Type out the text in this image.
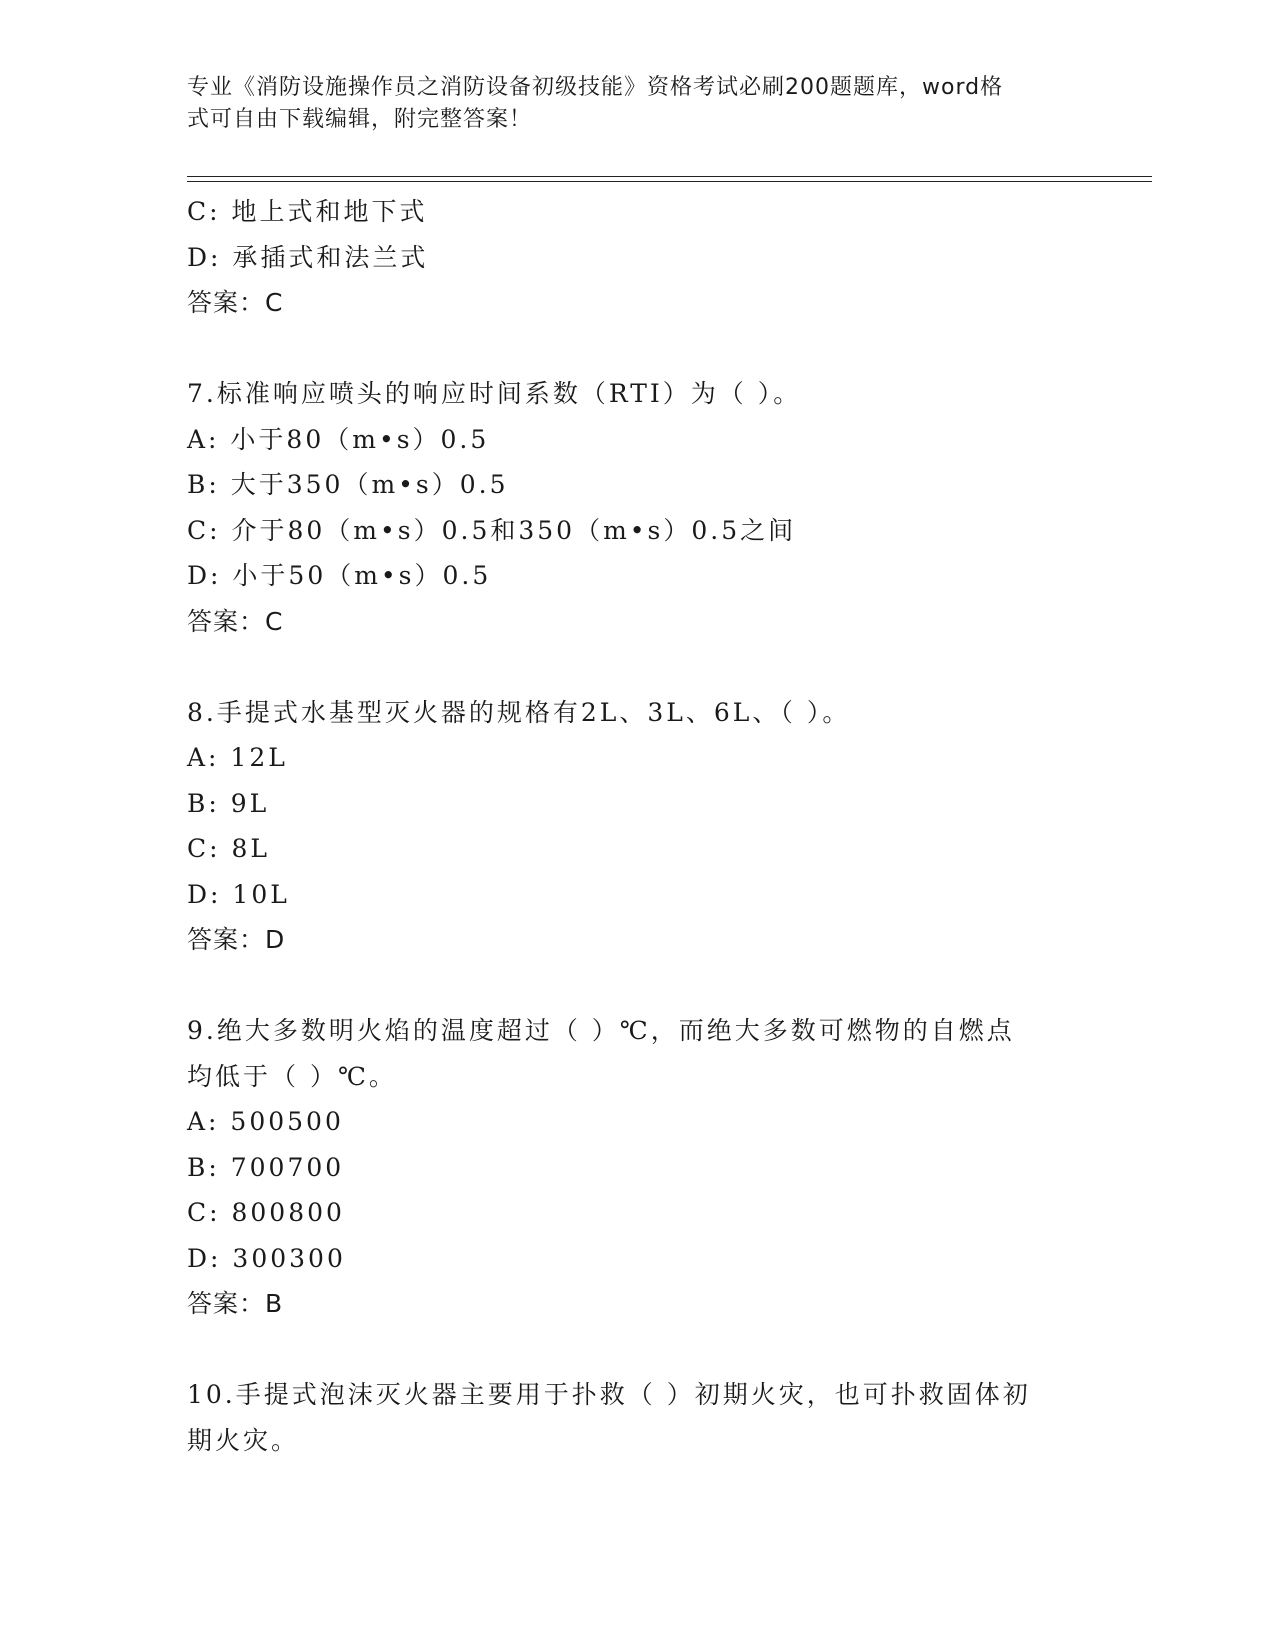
专业《消防设施操作员之消防设备初级技能》资格考试必刷200题题库，word格
式可自由下载编辑，附完整答案！
C: 地上式和地下式
D: 承插式和法兰式
答案：C
7.标准响应喷头的响应时间系数（RTI）为（ ）。
A: 小于80（m•s）0.5
B: 大于350（m•s）0.5
C: 介于80（m•s）0.5和350（m•s）0.5之间
D: 小于50（m•s）0.5
答案：C
8.手提式水基型灭火器的规格有2L、3L、6L、（ ）。
A: 12L
B: 9L
C: 8L
D: 10L
答案：D
9.绝大多数明火焰的温度超过（ ）℃，而绝大多数可燃物的自燃点
均低于（ ）℃。
A: 500500
B: 700700
C: 800800
D: 300300
答案：B
10.手提式泡沫灭火器主要用于扑救（ ）初期火灾，也可扑救固体初
期火灾。
